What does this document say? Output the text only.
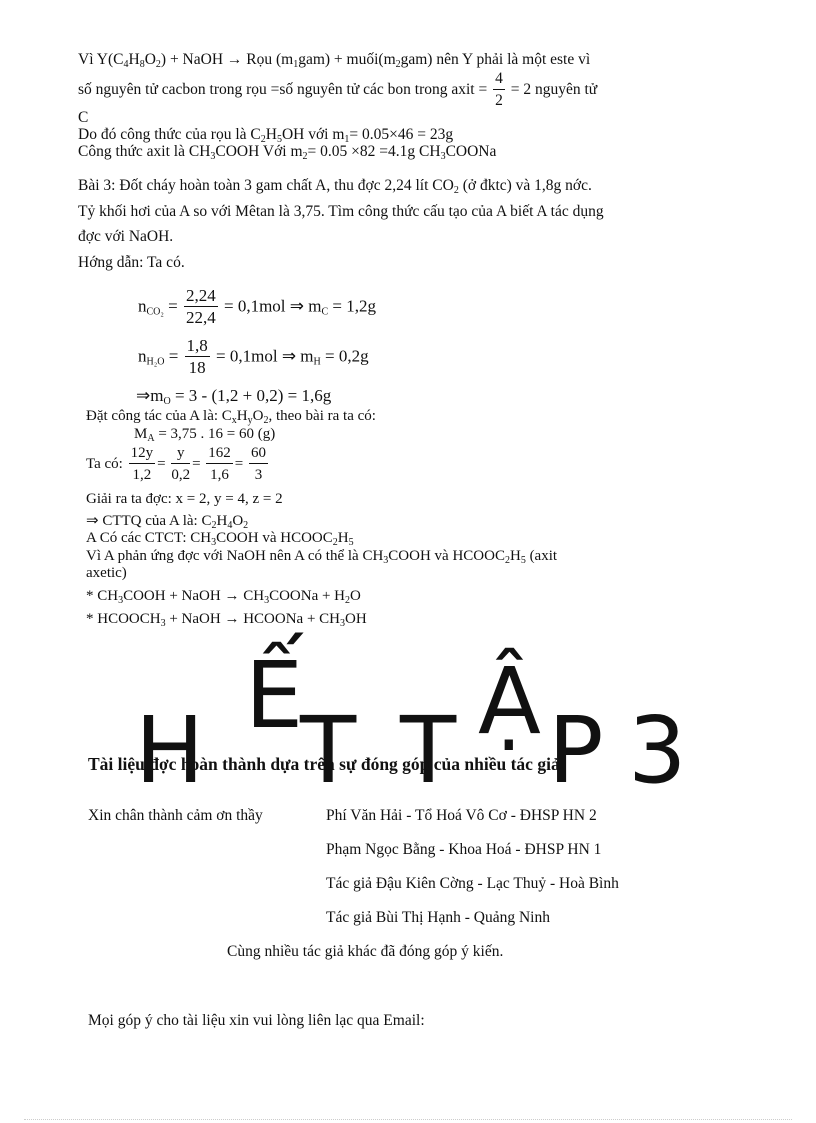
Vì $Y(C_4H_8O_2)$ + NaOH → Rọu $(m_1gam)$ + $muối(m_2gam)$ nên Y phải là một este vì
số nguyên tử cacbon trong rọu =số nguyên tử các bon trong axit = $\frac{4}{2} = 2$ nguyên tử
C
Do đó công thức của rọu là $C_2H_5OH$ với $m_1= 0.05\times 46 = 23g$
Công thức axit là $CH_3COOH$ Với $m_2= 0.05 \times 82 =4.1g$ $CH_3COONa$
Bài 3: Đốt cháy hoàn toàn 3 gam chất A, thu đợc 2,24 lít $CO_2$ (ở đktc) và 1,8g nớc.
Tỷ khối hơi của A so với Mêtan là 3,75. Tìm công thức cấu tạo của A biết A tác dụng
đợc với NaOH.
Hớng dẫn: Ta có.
$n_{CO_2} = \frac{2,24}{22,4} = 0,1mol$ ⇒ $m_C = 1,2g$
$n_{H_2O} = \frac{1,8}{18} = 0,1mol$ ⇒ $m_H = 0,2g$
$\Rightarrow m_O = 3 - (1,2 + 0,2) = 1,6g$
Đặt công tác của A là: $C_xH_yO_2$, theo bài ra ta có:
$M_A = 3,75$ . 16 = 60 (g)
Ta có: $\frac{12y}{1,2} = \frac{y}{0,2} = \frac{162}{1,6} = \frac{60}{3}$
Giải ra ta đợc: x = 2, y = 4, z = 2
⇒ CTTQ của A là: $C_2H_4O_2$
A Có các CTCT: $CH_3COOH$ và $HCOOC_2H_5$
Vì A phản ứng đợc với NaOH nên A có thể là $CH_3COOH$ và $HCOOC_2H_5$ (axit
axetic)
* $CH_3COOH$ + NaOH → $CH_3COONa + H_2O$
* $HCOOCH_3$ + NaOH → HCOONa + $CH_3OH$
H
Ế
T T Ậ P 3
Tài liệu đợc hoàn thành dựa trên sự đóng góp của nhiều tác giả.
Xin chân thành cảm ơn thầy	Phí Văn Hải - Tổ Hoá Vô Cơ - ĐHSP HN 2
Phạm Ngọc Bằng - Khoa Hoá - ĐHSP HN 1
Tác giả Đậu Kiên Cờng - Lạc Thuỷ - Hoà Bình
Tác giả Bùi Thị Hạnh - Quảng Ninh
Cùng nhiều tác giả khác đã đóng góp ý kiến.
Mọi góp ý cho tài liệu xin vui lòng liên lạc qua Email:
